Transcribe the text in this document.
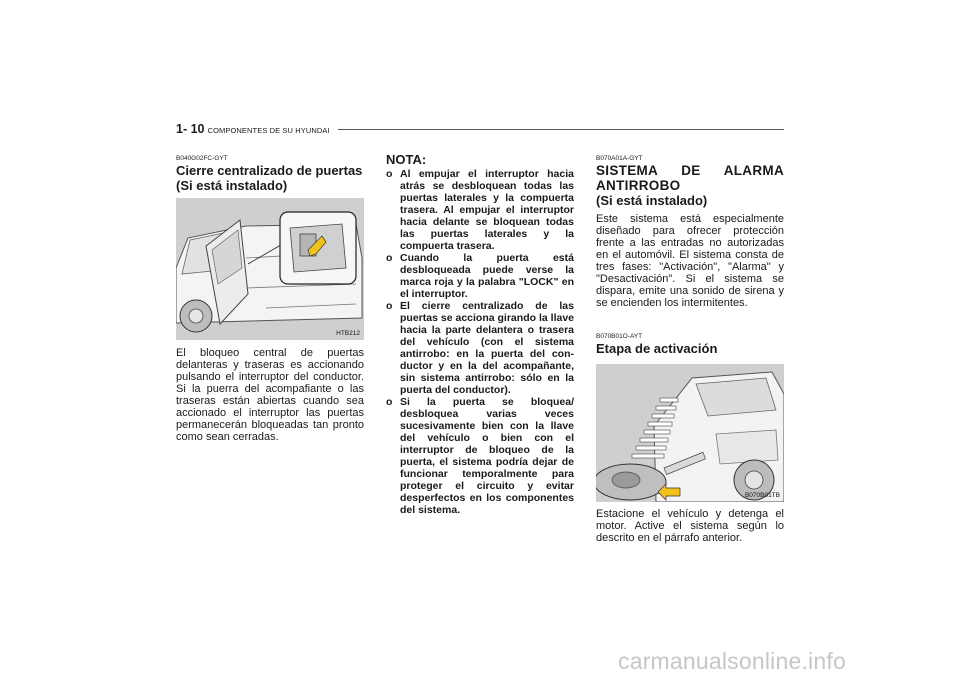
1- 10 COMPONENTES DE SU HYUNDAI

B040G02FC-GYT

Cierre centralizado de puertas

(Si está instalado)

HTB212

El bloqueo central de puertas delanteras y traseras es accionando pulsando el interruptor del conductor. Si la puerra del acompafiante o las traseras están abiertas cuando sea accionado el interruptor las puertas permanecerán bloqueadas tan pronto como sean cerradas.

NOTA:

o Al empujar el interruptor hacia atrás se desbloquean todas las puertas laterales y la compuerta trasera. Al empujar el interruptor hacia delante se bloquean todas las puertas laterales y la compuerta trasera.
o Cuando la puerta está desbloqueada puede verse la marca roja y la palabra "LOCK" en el interruptor.
o El cierre centralizado de las puertas se acciona girando la llave hacia la parte delantera o trasera del vehículo (con el sistema antirrobo: en la puerta del con-ductor y en la del acompañante, sin sistema antirrobo: sólo en la puerta del conductor).
o Si la puerta se bloquea/ desbloquea varias veces sucesivamente bien con la llave del vehículo o bien con el interruptor de bloqueo de la puerta, el sistema podría dejar de funcionar temporalmente para proteger el circuito y evitar desperfectos en los componentes del sistema.

B070A01A-GYT

SISTEMA DE ALARMA

ANTIRROBO

(Si está instalado)

Este sistema está especialmente diseñado para ofrecer protección frente a las entradas no autorizadas en el automóvil. El sistema consta de tres fases: "Activación", "Alarma" y "Desactivación". Si el sistema se dispara, emite una sonido de sirena y se encienden los intermitentes.

B070B01O-AYT

Etapa de activación

B070B01TB

Estacione el vehículo y detenga el motor. Active el sistema según lo descrito en el párrafo anterior.

carmanualsonline.info
